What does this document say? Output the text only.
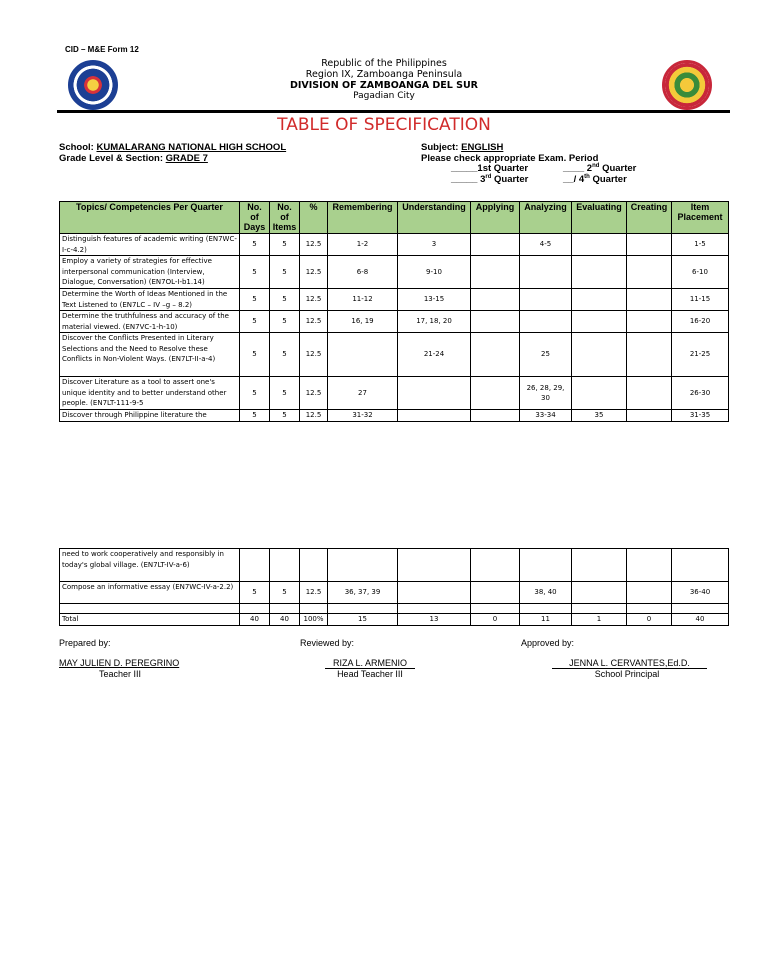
CID – M&E Form 12
Republic of the Philippines
Region IX, Zamboanga Peninsula
DIVISION OF ZAMBOANGA DEL SUR
Pagadian City
TABLE OF SPECIFICATION
School: KUMALARANG NATIONAL HIGH SCHOOL
Grade Level & Section: GRADE 7
Subject: ENGLISH
Please check appropriate Exam. Period
_____1st Quarter	____ 2nd Quarter
_____ 3rd Quarter	__/ 4th Quarter
Topics/ Competencies Per Quarter	No. of Days	No. of Items	%	Remembering	Understanding	Applying	Analyzing	Evaluating	Creating	Item Placement
Distinguish features of academic writing (EN7WC-I-c-4.2)	5	5	12.5	1-2	3		4-5			1-5
Employ a variety of strategies for effective interpersonal communication (Interview, Dialogue, Conversation) (EN7OL-I-b1.14)	5	5	12.5	6-8	9-10					6-10
Determine the Worth of Ideas Mentioned in the Text Listened to (EN7LC – IV –g – 8.2)	5	5	12.5	11-12	13-15					11-15
Determine the truthfulness and accuracy of the material viewed. (EN7VC-1-h-10)	5	5	12.5	16, 19	17, 18, 20					16-20
Discover the Conflicts Presented in Literary Selections and the Need to Resolve these Conflicts in Non-Violent Ways. (EN7LT-II-a-4)	5	5	12.5		21-24		25			21-25
Discover Literature as a tool to assert one's unique identity and to better understand other people. (EN7LT-111-9-5	5	5	12.5	27			26, 28, 29, 30			26-30
Discover through Philippine literature the	5	5	12.5	31-32			33-34	35		31-35
need to work cooperatively and responsibly in today's global village. (EN7LT-IV-a-6)										
Compose an informative essay (EN7WC-IV-a-2.2)	5	5	12.5	36, 37, 39			38, 40			36-40

Total	40	40	100%	15	13	0	11	1	0	40
Prepared by:	Reviewed by:	Approved by:
MAY JULIEN D. PEREGRINO
Teacher III
RIZA L. ARMENIO
Head Teacher III
JENNA L. CERVANTES,Ed.D.
School Principal
